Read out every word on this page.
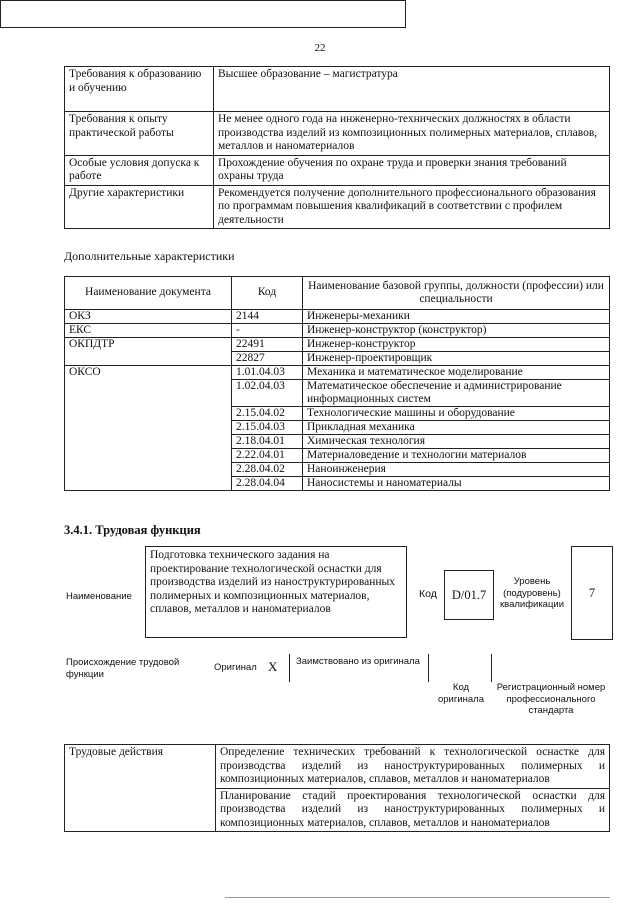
22
Требования к образованию и обучению	Высшее образование – магистратура
Требования к опыту практической работы	Не менее одного года на инженерно-технических должностях в области производства изделий из композиционных полимерных материалов, сплавов, металлов и наноматериалов
Особые условия допуска к работе	Прохождение обучения по охране труда и проверки знания требований охраны труда
Другие характеристики	Рекомендуется получение дополнительного профессионального образования по программам повышения квалификаций в соответствии с профилем деятельности
Дополнительные характеристики
Наименование документа	Код	Наименование базовой группы, должности (профессии) или специальности
ОКЗ	2144	Инженеры-механики
ЕКС	-	Инженер-конструктор (конструктор)
ОКПДТР	22491	Инженер-конструктор
	22827	Инженер-проектировщик
ОКСО	1.01.04.03	Механика и математическое моделирование
	1.02.04.03	Математическое обеспечение и администрирование информационных систем
	2.15.04.02	Технологические машины и оборудование
	2.15.04.03	Прикладная механика
	2.18.04.01	Химическая технология
	2.22.04.01	Материаловедение и технологии материалов
	2.28.04.02	Наноинженерия
	2.28.04.04	Наносистемы и наноматериалы
3.4.1. Трудовая функция
Наименование
Подготовка технического задания на проектирование технологической оснастки для производства изделий из наноструктурированных полимерных и композиционных материалов, сплавов, металлов и наноматериалов
Код	D/01.7
Уровень (подуровень) квалификации
7
Происхождение трудовой функции
Оригинал X Заимствовано из оригинала
Код оригинала
Регистрационный номер профессионального стандарта
Трудовые действия	Определение технических требований к технологической оснастке для производства изделий из наноструктурированных полимерных и композиционных материалов, сплавов, металлов и наноматериалов
Планирование стадий проектирования технологической оснастки для производства изделий из наноструктурированных полимерных и композиционных материалов, сплавов, металлов и наноматериалов
